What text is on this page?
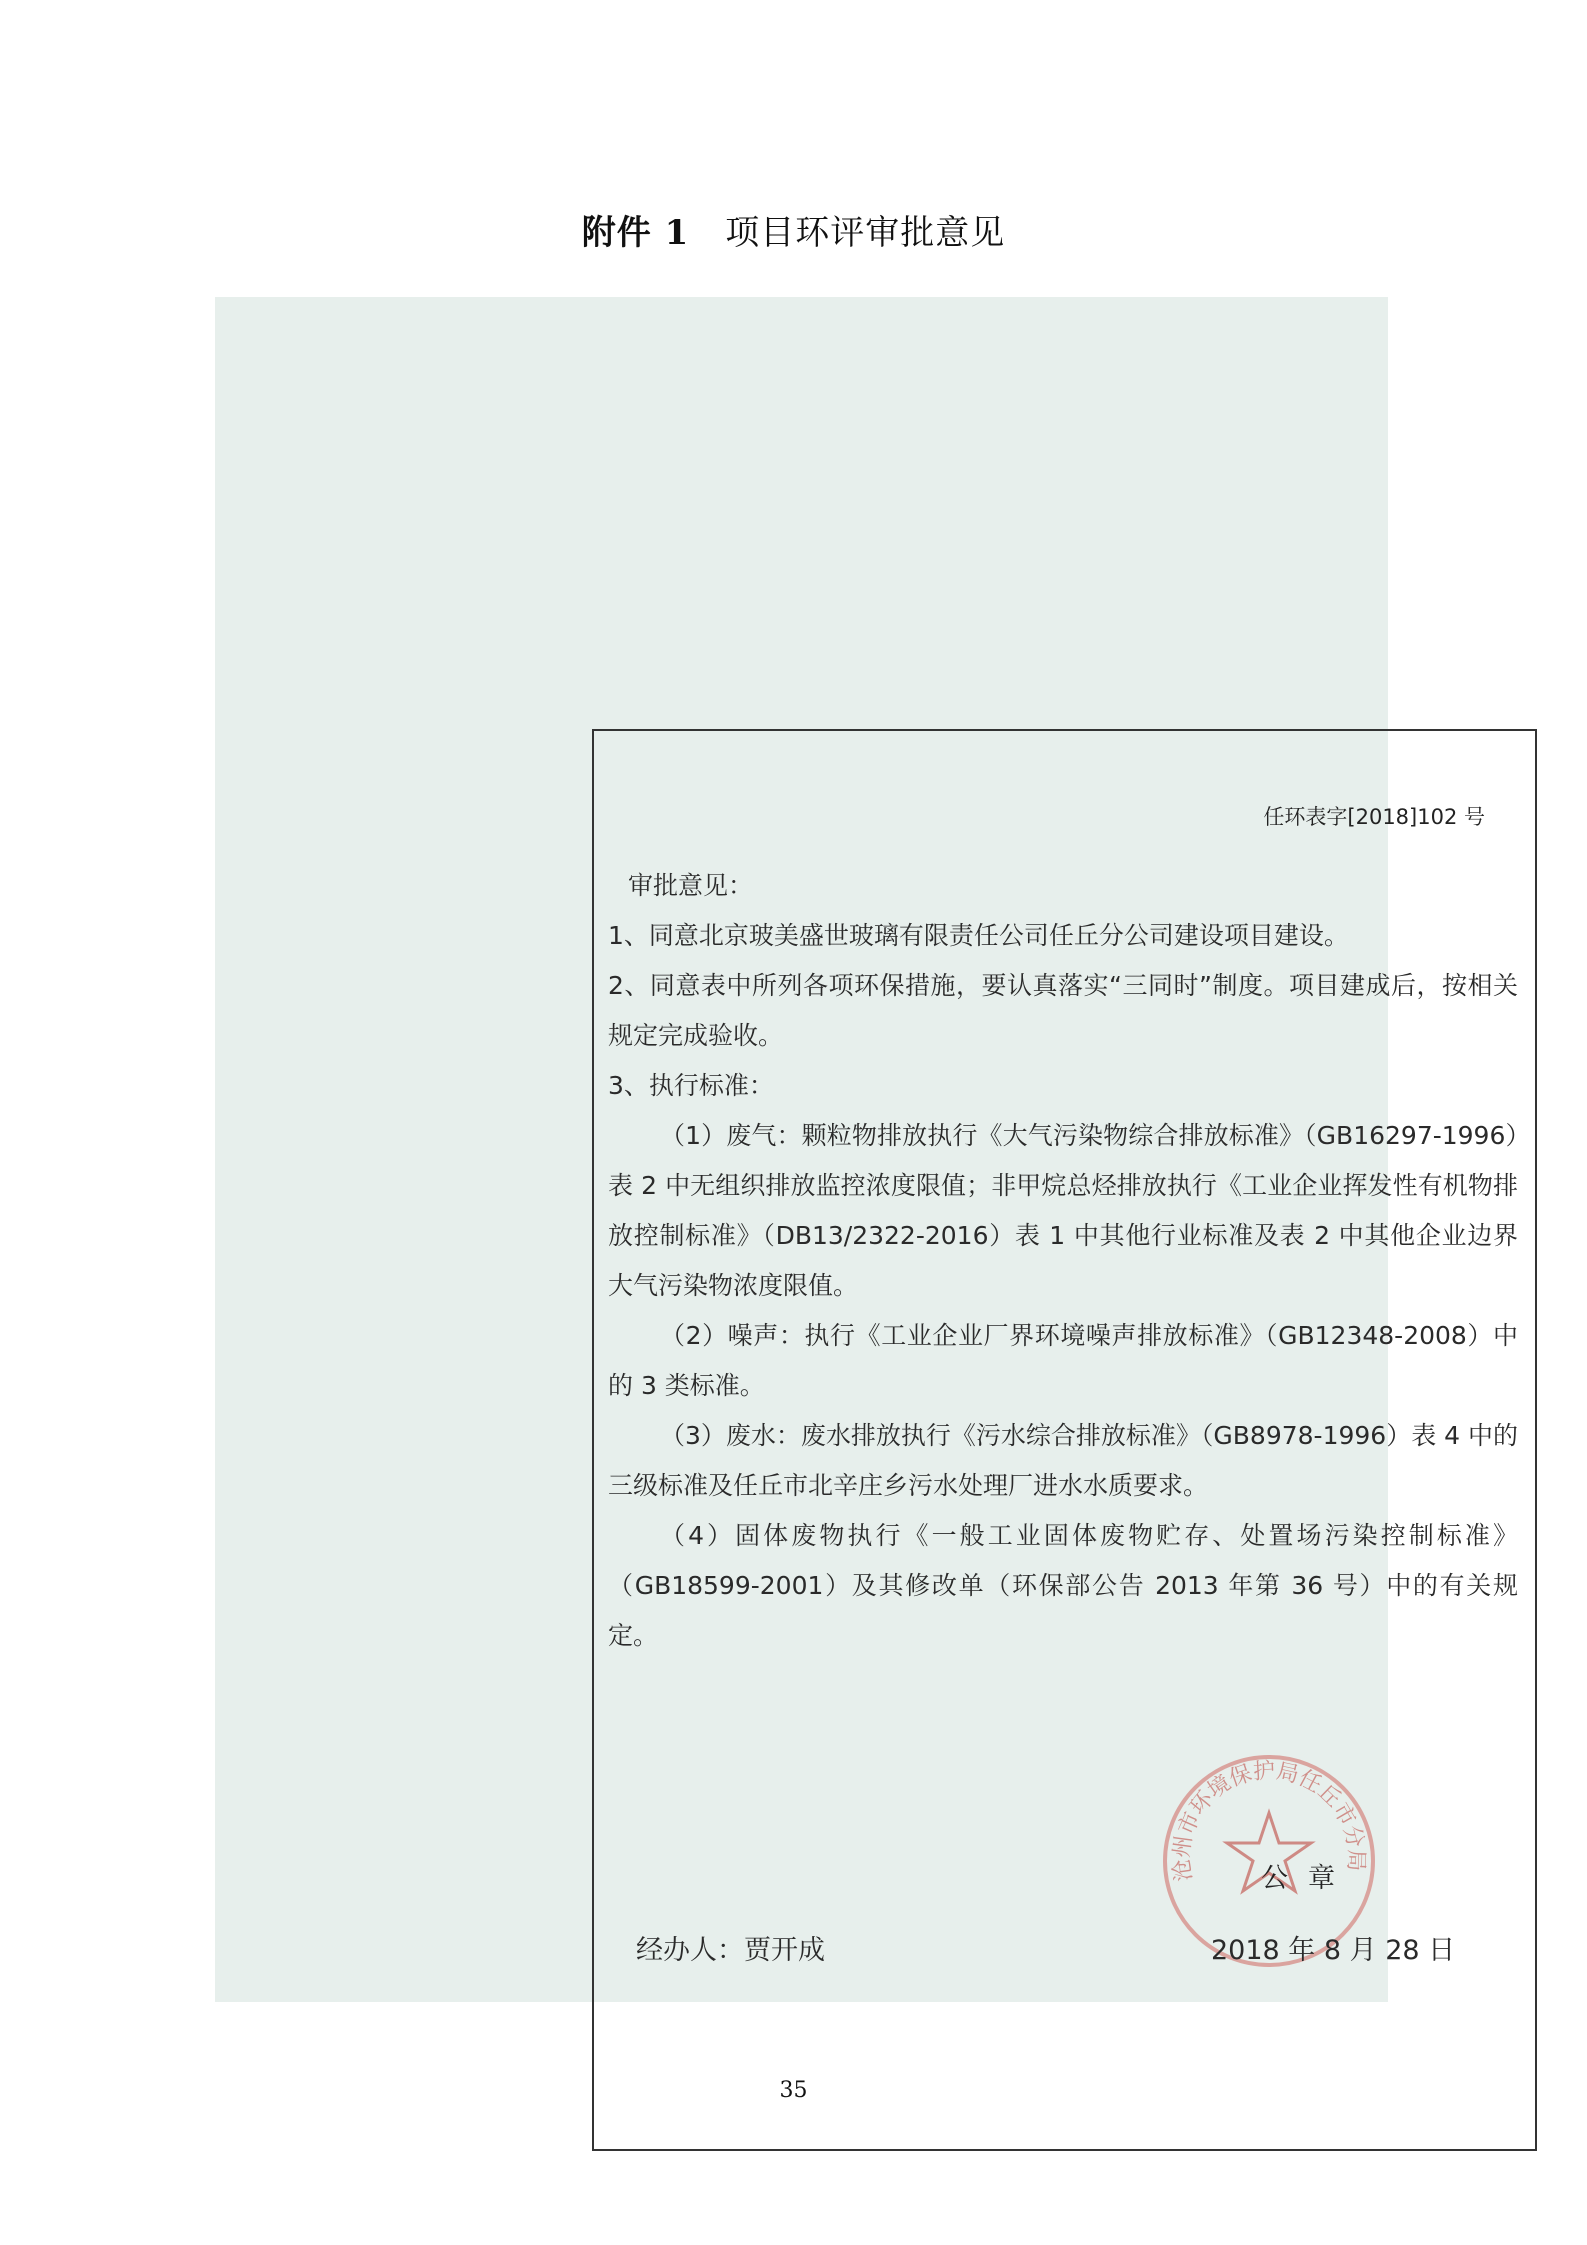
附件 1 项目环评审批意见
任环表字[2018]102 号

审批意见：

1、同意北京玻美盛世玻璃有限责任公司任丘分公司建设项目建设。

2、同意表中所列各项环保措施，要认真落实“三同时”制度。项目建成后，按相关规定完成验收。

3、执行标准：

（1）废气：颗粒物排放执行《大气污染物综合排放标准》（GB16297-1996）表 2 中无组织排放监控浓度限值；非甲烷总烃排放执行《工业企业挥发性有机物排放控制标准》（DB13/2322-2016）表 1 中其他行业标准及表 2 中其他企业边界大气污染物浓度限值。

（2）噪声：执行《工业企业厂界环境噪声排放标准》（GB12348-2008）中的 3 类标准。

（3）废水：废水排放执行《污水综合排放标准》（GB8978-1996）表 4 中的三级标准及任丘市北辛庄乡污水处理厂进水水质要求。

（4）固体废物执行《一般工业固体废物贮存、处置场污染控制标准》（GB18599-2001）及其修改单（环保部公告 2013 年第 36 号）中的有关规定。

沧州市环境保护局任丘市分局
公章
经办人：贾开成	2018 年 8 月 28 日
35
